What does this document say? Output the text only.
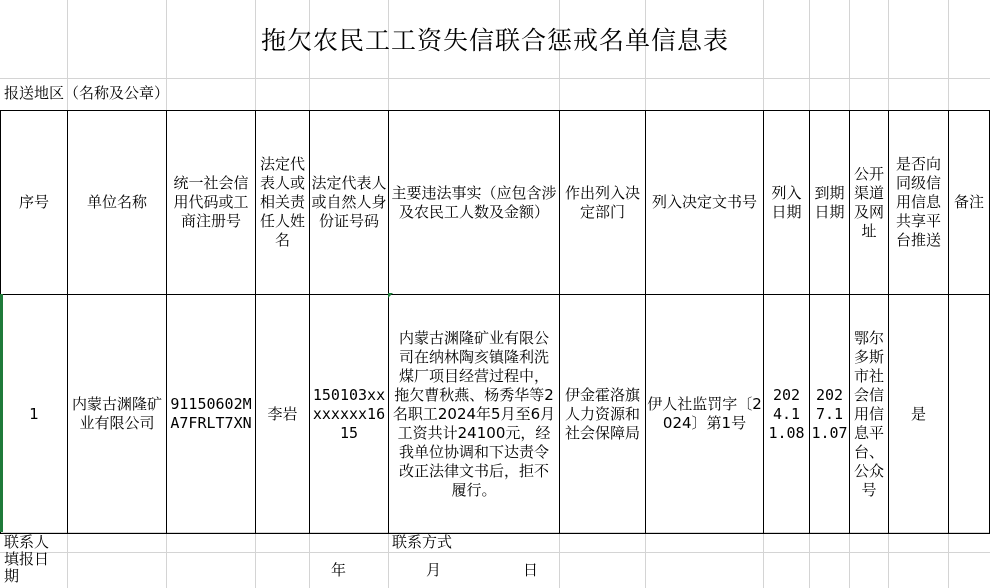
拖欠农民工工资失信联合惩戒名单信息表
报送地区（名称及公章）
序号	单位名称	统一社会信用代码或工商注册号	法定代表人或相关责任人姓名	法定代表人或自然人身份证号码	主要违法事实（应包含涉及农民工人数及金额）	作出列入决定部门	列入决定文书号	列入日期	到期日期	公开渠道及网址	是否向同级信用信息共享平台推送	备注
1	内蒙古渊隆矿业有限公司	91150602MA7FRLT7XN	李岩	150103xxxxxxxx1615	内蒙古渊隆矿业有限公司在纳林陶亥镇隆利洗煤厂项目经营过程中，拖欠曹秋燕、杨秀华等2名职工2024年5月至6月工资共计24100元，经我单位协调和下达责令改正法律文书后，拒不履行。	伊金霍洛旗人力资源和社会保障局	伊人社监罚字〔2024〕第1号	2024.11.08	2027.11.07	鄂尔多斯市社会信用信息平台、公众号	是	
联系人	联系方式
填报日期	年	月	日
